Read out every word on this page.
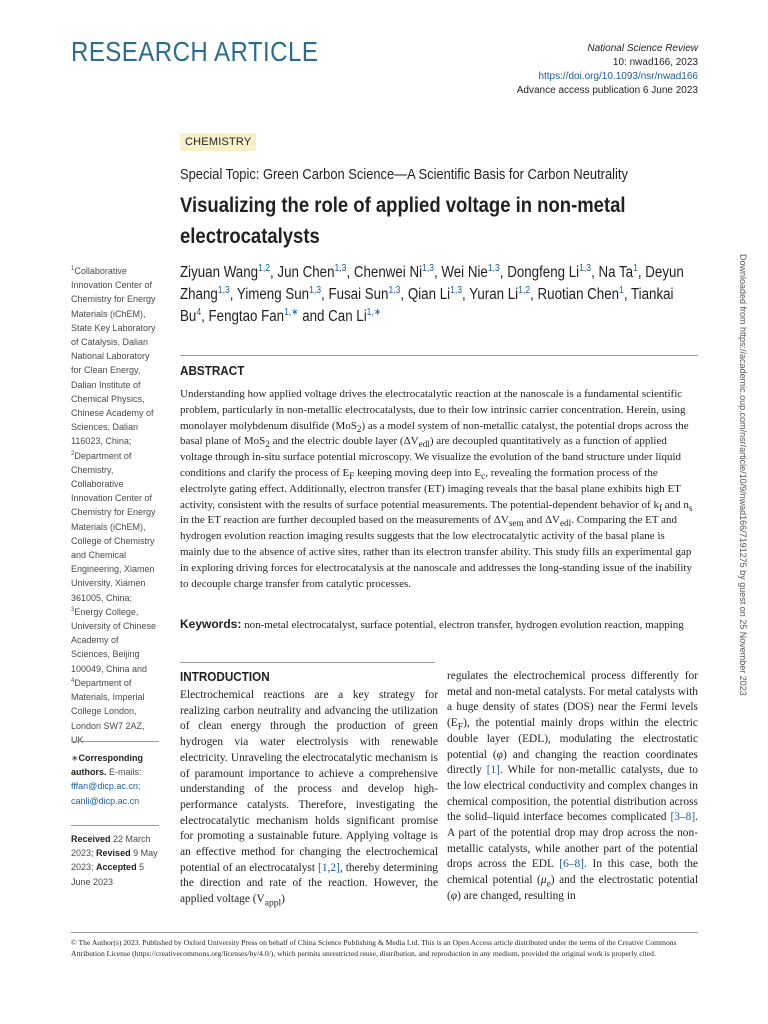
RESEARCH ARTICLE	National Science Review
10: nwad166, 2023
https://doi.org/10.1093/nsr/nwad166
Advance access publication 6 June 2023
CHEMISTRY
Special Topic: Green Carbon Science—A Scientific Basis for Carbon Neutrality
Visualizing the role of applied voltage in non-metal electrocatalysts
Ziyuan Wang$^{1,2}$, Jun Chen$^{1,3}$, Chenwei Ni$^{1,3}$, Wei Nie$^{1,3}$, Dongfeng Li$^{1,3}$, Na Ta$^1$, Deyun Zhang$^{1,3}$, Yimeng Sun$^{1,3}$, Fusai Sun$^{1,3}$, Qian Li$^{1,3}$, Yuran Li$^{1,2}$, Ruotian Chen$^1$, Tiankai Bu$^4$, Fengtao Fan$^{1,∗}$ and Can $Li^{1,∗}$
$^1$Collaborative Innovation Center of Chemistry for Energy Materials (iChEM), State Key Laboratory of Catalysis, Dalian National Laboratory for Clean Energy, Dalian Institute of Chemical Physics, Chinese Academy of Sciences, Dalian 116023, China; $^2$Department of Chemistry, Collaborative Innovation Center of Chemistry for Energy Materials (iChEM), College of Chemistry and Chemical Engineering, Xiamen University, Xiamen 361005, China; $^3$Energy College, University of Chinese Academy of Sciences, Beijing 100049, China and $^4$Department of Materials, Imperial College London, London SW7 2AZ, UK
∗Corresponding authors. E-mails:
fffan@dicp.ac.cn;
canli@dicp.ac.cn
Received 22 March 2023; Revised 9 May 2023; Accepted 5 June 2023
ABSTRACT
Understanding how applied voltage drives the electrocatalytic reaction at the nanoscale is a fundamental scientific problem, particularly in non-metallic electrocatalysts, due to their low intrinsic carrier concentration. Herein, using monolayer molybdenum disulfide (MoS$_2$) as a model system of non-metallic catalyst, the potential drops across the basal plane of MoS$_2$ and the electric double layer $(\Delta V_{edl})$ are decoupled quantitatively as a function of applied voltage through in-situ surface potential microscopy. We visualize the evolution of the band structure under liquid conditions and clarify the process of $E_F$ keeping moving deep into $E_c$, revealing the formation process of the electrolyte gating effect. Additionally, electron transfer (ET) imaging reveals that the basal plane exhibits high ET activity, consistent with the results of surface potential measurements. The potential-dependent behavior of $k_f$ and $n_s$ in the ET reaction are further decoupled based on the measurements of $\Delta V_{sem}$ and $\Delta V_{edl}$. Comparing the ET and hydrogen evolution reaction imaging results suggests that the low electrocatalytic activity of the basal plane is mainly due to the absence of active sites, rather than its electron transfer ability. This study fills an experimental gap in exploring driving forces for electrocatalysis at the nanoscale and addresses the long-standing issue of the inability to decouple charge transfer from catalytic processes.
Keywords: non-metal electrocatalyst, surface potential, electron transfer, hydrogen evolution reaction, mapping
INTRODUCTION
Electrochemical reactions are a key strategy for realizing carbon neutrality and advancing the utilization of clean energy through the production of green hydrogen via water electrolysis with renewable electricity. Unraveling the electrocatalytic mechanism is of paramount importance to achieve a comprehensive understanding of the process and develop high-performance catalysts. Therefore, investigating the electrocatalytic mechanism holds significant promise for promoting a sustainable future. Applying voltage is an effective method for changing the electrochemical potential of an electrocatalyst [1,2], thereby determining the direction and rate of the reaction. However, the applied voltage $(V_{appl})$
regulates the electrochemical process differently for metal and non-metal catalysts. For metal catalysts with a huge density of states (DOS) near the Fermi levels $(E_F)$, the potential mainly drops within the electric double layer (EDL), modulating the electrostatic potential (φ) and changing the reaction coordinates directly [1]. While for non-metallic catalysts, due to the low electrical conductivity and complex changes in chemical composition, the potential distribution across the solid–liquid interface becomes complicated [3–8]. A part of the potential drop may drop across the non-metallic catalysts, while another part of the potential drops across the EDL [6–8]. In this case, both the chemical potential $(\mu_e)$ and the electrostatic potential (φ) are changed, resulting in
© The Author(s) 2023. Published by Oxford University Press on behalf of China Science Publishing & Media Ltd. This is an Open Access article distributed under the terms of the Creative Commons Attribution License (https://creativecommons.org/licenses/by/4.0/), which permits unrestricted reuse, distribution, and reproduction in any medium, provided the original work is properly cited.
Downloaded from https://academic.oup.com/nsr/article/10/9/nwad166/7191275 by guest on 25 November 2023
